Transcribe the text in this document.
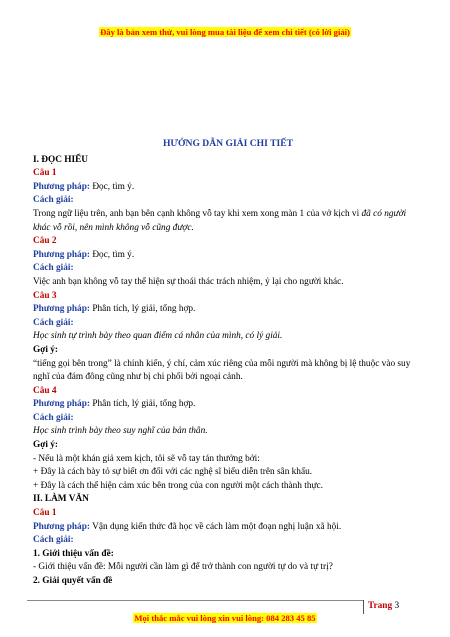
Đây là bản xem thử, vui lòng mua tài liệu để xem chi tiết (có lời giải)
HƯỚNG DẪN GIẢI CHI TIẾT
I. ĐỌC HIỂU
Câu 1
Phương pháp: Đọc, tìm ý.
Cách giải:
Trong ngữ liệu trên, anh bạn bên cạnh không vỗ tay khi xem xong màn 1 của vở kịch vì đã có người khác vỗ rồi, nên mình không vỗ cũng được.
Câu 2
Phương pháp: Đọc, tìm ý.
Cách giải:
Việc anh bạn không vỗ tay thể hiện sự thoái thác trách nhiệm, ỷ lại cho người khác.
Câu 3
Phương pháp: Phân tích, lý giải, tổng hợp.
Cách giải:
Học sinh tự trình bày theo quan điểm cá nhân của mình, có lý giải.
Gợi ý:
“tiếng gọi bên trong” là chính kiến, ý chí, cảm xúc riêng của mỗi người mà không bị lệ thuộc vào suy nghĩ của đám đông cũng như bị chi phối bởi ngoại cảnh.
Câu 4
Phương pháp: Phân tích, lý giải, tổng hợp.
Cách giải:
Học sinh trình bày theo suy nghĩ của bản thân.
Gợi ý:
- Nếu là một khán giả xem kịch, tôi sẽ vỗ tay tán thưởng bởi:
+ Đây là cách bày tỏ sự biết ơn đối với các nghệ sĩ biểu diễn trên sân khấu.
+ Đây là cách thể hiện cảm xúc bên trong của con người một cách thành thực.
II. LÀM VĂN
Câu 1
Phương pháp: Vận dụng kiến thức đã học về cách làm một đoạn nghị luận xã hội.
Cách giải:
1. Giới thiệu vấn đề:
- Giới thiệu vấn đề: Mỗi người cần làm gì để trở thành con người tự do và tự trị?
2. Giải quyết vấn đề
Trang 3
Mọi thắc mắc vui lòng xin vui lòng: 084 283 45 85
